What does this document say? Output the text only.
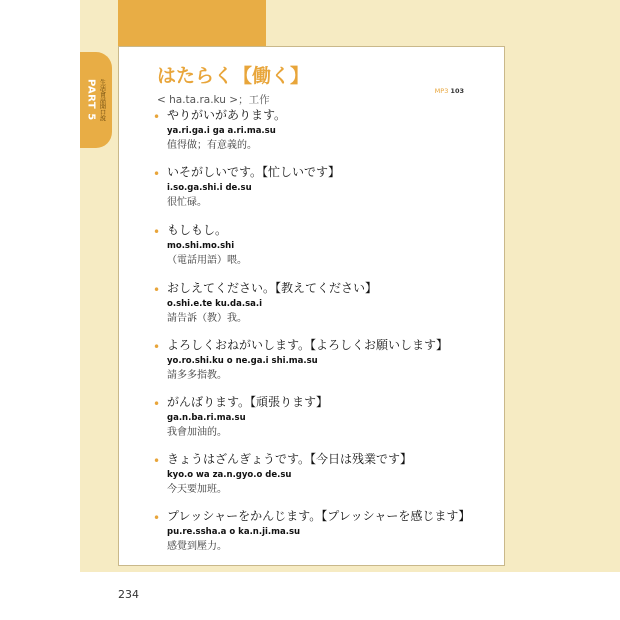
PART 5 生活會話開口說
はたらく【働く】
< ha.ta.ra.ku >；工作
MP3 103
• やりがいがあります。
ya.ri.ga.i ga a.ri.ma.su
值得做；有意義的。
• いそがしいです。【忙しいです】
i.so.ga.shi.i de.su
很忙碌。
• もしもし。
mo.shi.mo.shi
（電話用語）喂。
• おしえてください。【教えてください】
o.shi.e.te ku.da.sa.i
請告訴（教）我。
• よろしくおねがいします。【よろしくお願いします】
yo.ro.shi.ku o ne.ga.i shi.ma.su
請多多指教。
• がんばります。【頑張ります】
ga.n.ba.ri.ma.su
我會加油的。
• きょうはざんぎょうです。【今日は残業です】
kyo.o wa za.n.gyo.o de.su
今天要加班。
• プレッシャーをかんじます。【プレッシャーを感じます】
pu.re.ssha.a o ka.n.ji.ma.su
感覺到壓力。
234
